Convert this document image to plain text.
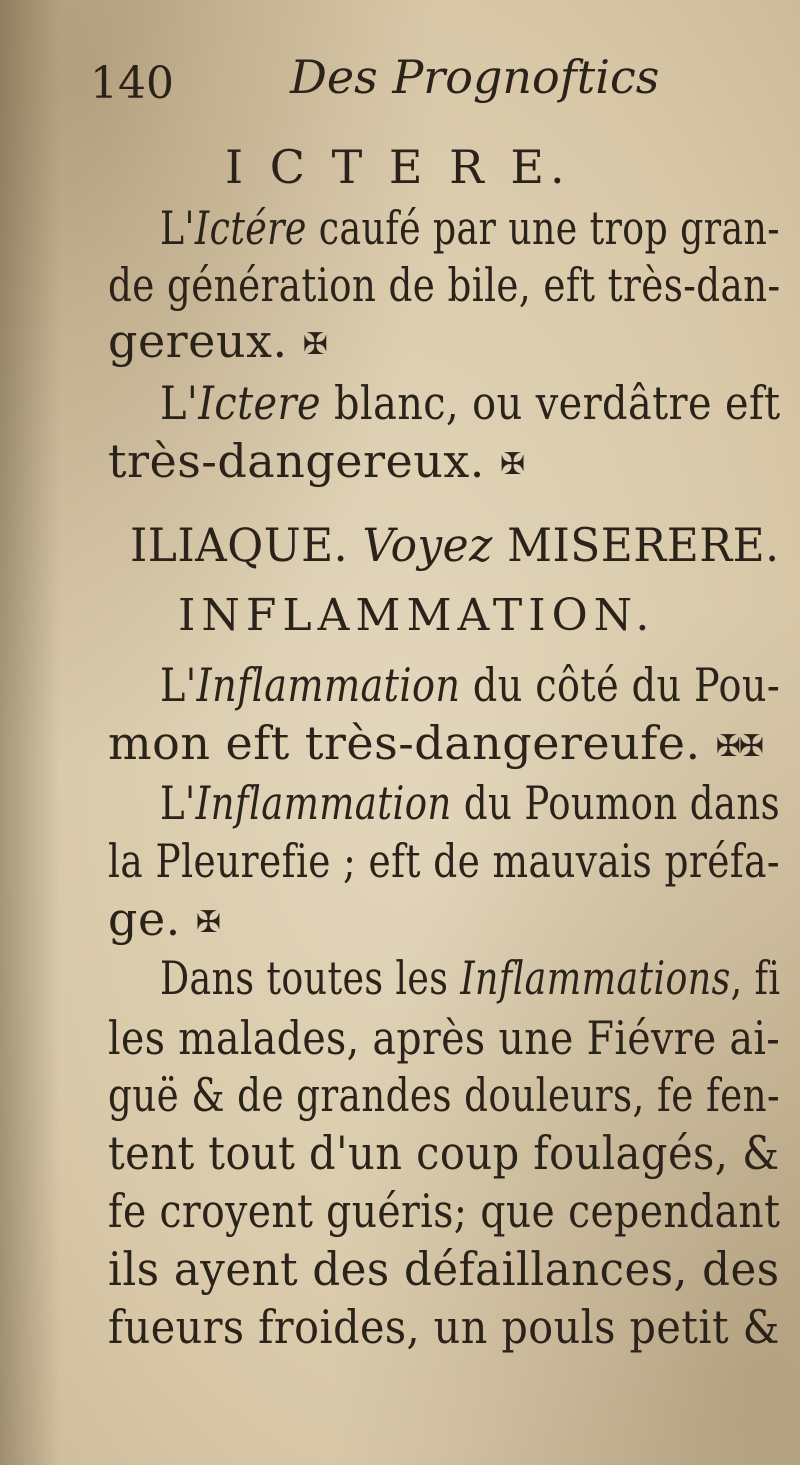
140	Des Prognoftics
I C T E R E.
L'Ictére caufé par une trop gran-
de génération de bile, eft très-dan-
gereux. ✠
L'Ictere blanc, ou verdâtre eft
très-dangereux. ✠
ILIAQUE. Voyez MISERERE.
INFLAMMATION.
L'Inflammation du côté du Pou-
mon eft très-dangereufe. ✠✠
L'Inflammation du Poumon dans
la Pleurefie ; eft de mauvais préfa-
ge. ✠
Dans toutes les Inflammations, fi
les malades, après une Fiévre ai-
guë & de grandes douleurs, fe fen-
tent tout d'un coup foulagés, &
fe croyent guéris; que cependant
ils ayent des défaillances, des
fueurs froides, un pouls petit &
